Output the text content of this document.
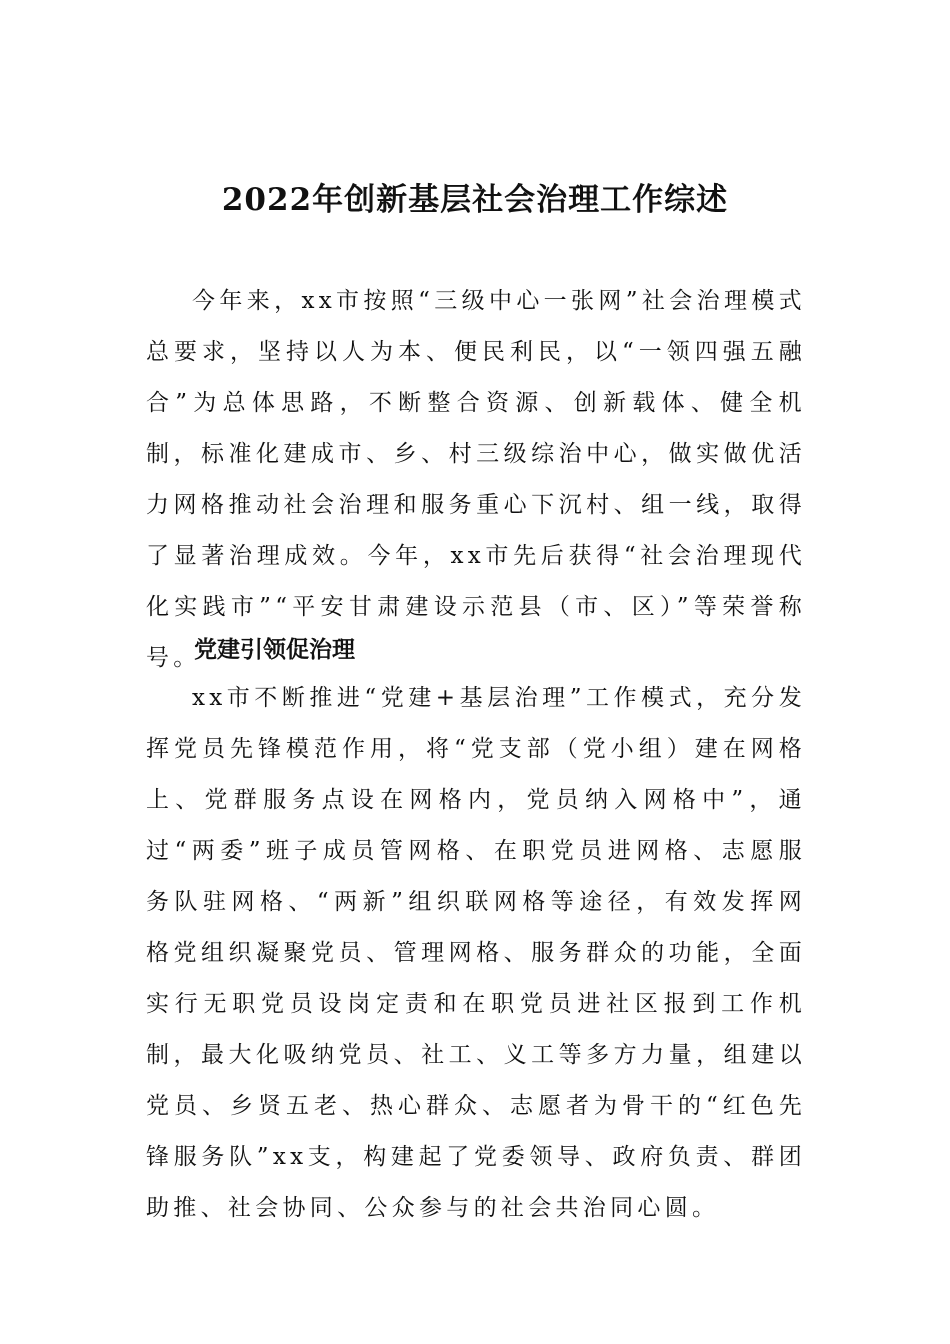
2022年创新基层社会治理工作综述

今年来，xx市按照“三级中心一张网”社会治理模式总要求，坚持以人为本、便民利民，以“一领四强五融合”为总体思路，不断整合资源、创新载体、健全机制，标准化建成市、乡、村三级综治中心，做实做优活力网格推动社会治理和服务重心下沉村、组一线，取得了显著治理成效。今年，xx市先后获得“社会治理现代化实践市”“平安甘肃建设示范县（市、区）”等荣誉称号。

党建引领促治理

xx市不断推进“党建+基层治理”工作模式，充分发挥党员先锋模范作用，将“党支部（党小组）建在网格上、党群服务点设在网格内，党员纳入网格中”，通过“两委”班子成员管网格、在职党员进网格、志愿服务队驻网格、“两新”组织联网格等途径，有效发挥网格党组织凝聚党员、管理网格、服务群众的功能，全面实行无职党员设岗定责和在职党员进社区报到工作机制，最大化吸纳党员、社工、义工等多方力量，组建以党员、乡贤五老、热心群众、志愿者为骨干的“红色先锋服务队”xx支，构建起了党委领导、政府负责、群团助推、社会协同、公众参与的社会共治同心圆。
